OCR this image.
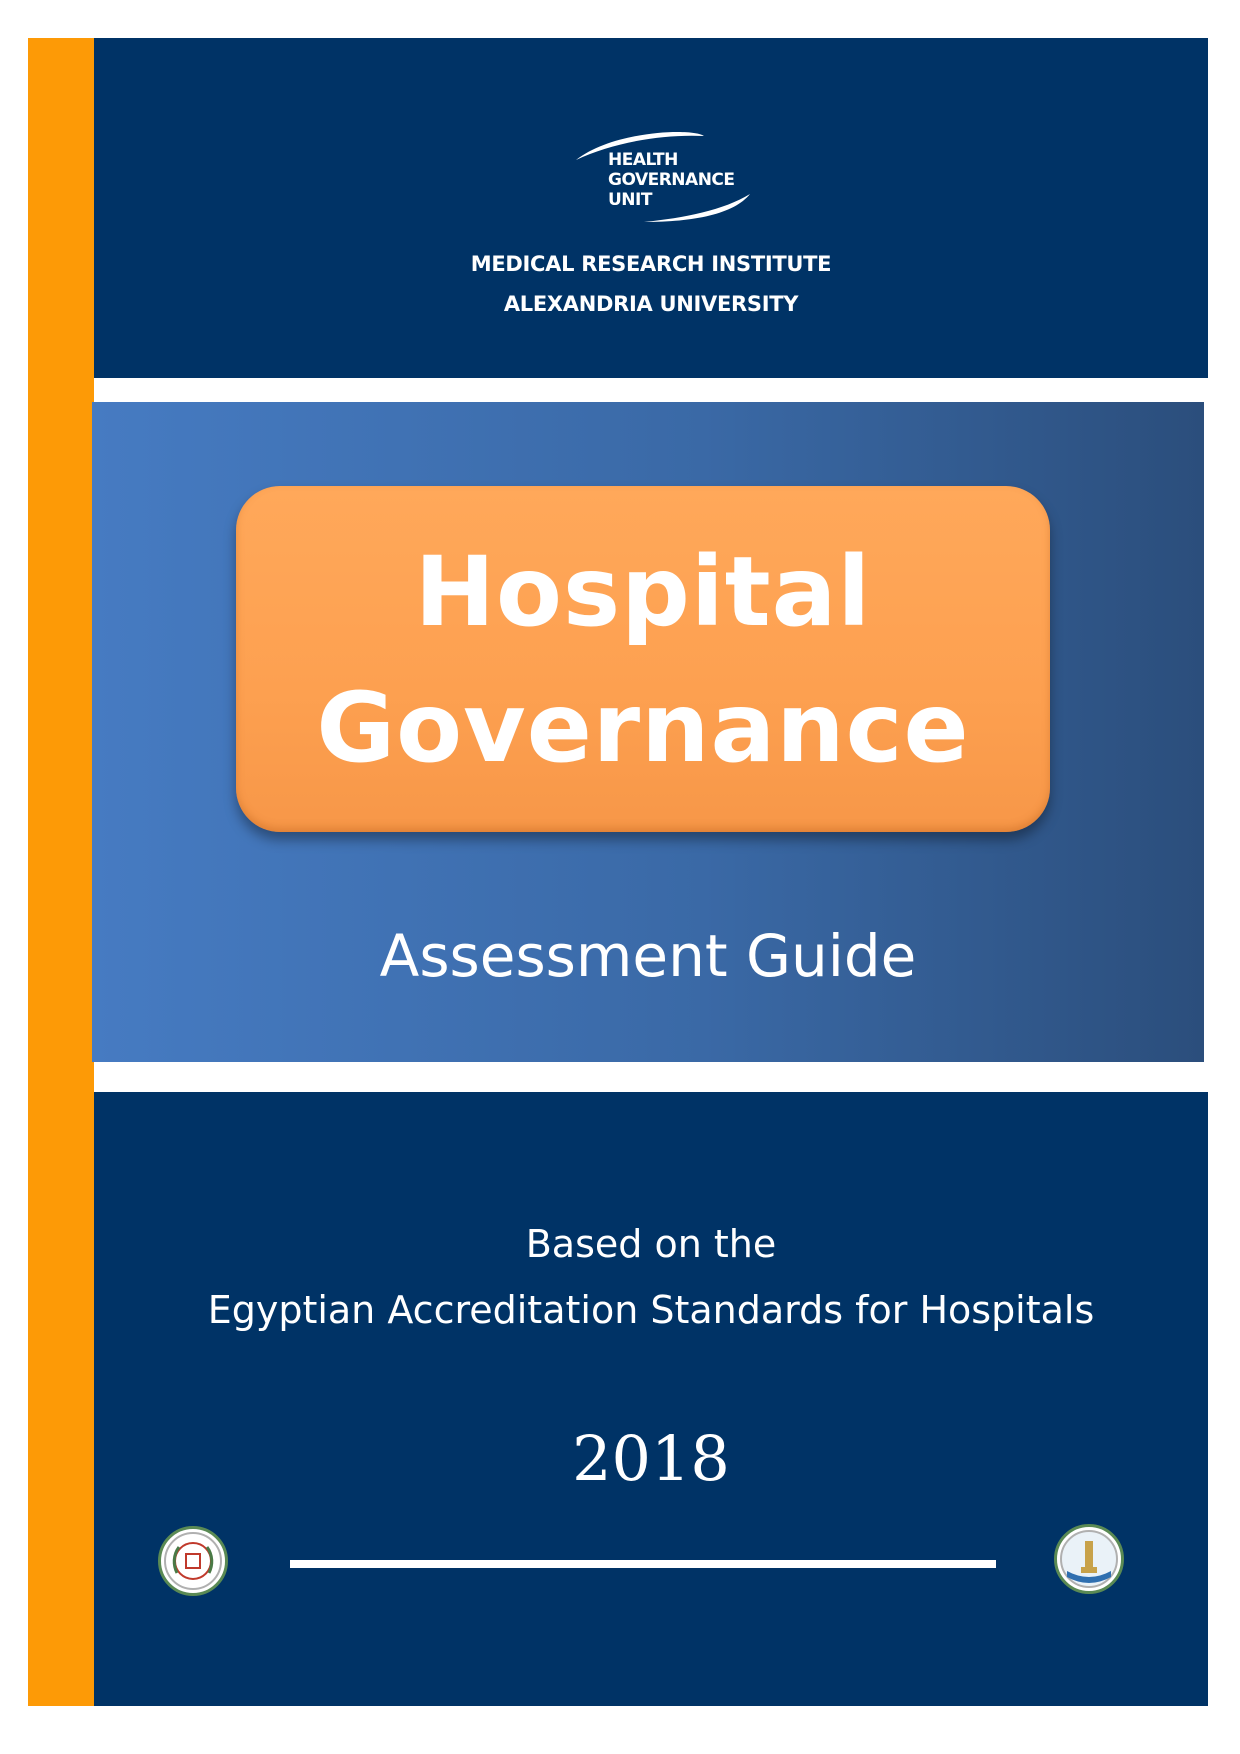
HEALTH
GOVERNANCE
UNIT
MEDICAL RESEARCH INSTITUTE
ALEXANDRIA UNIVERSITY
Hospital
Governance
Assessment Guide
Based on the
Egyptian Accreditation Standards for Hospitals
2018
